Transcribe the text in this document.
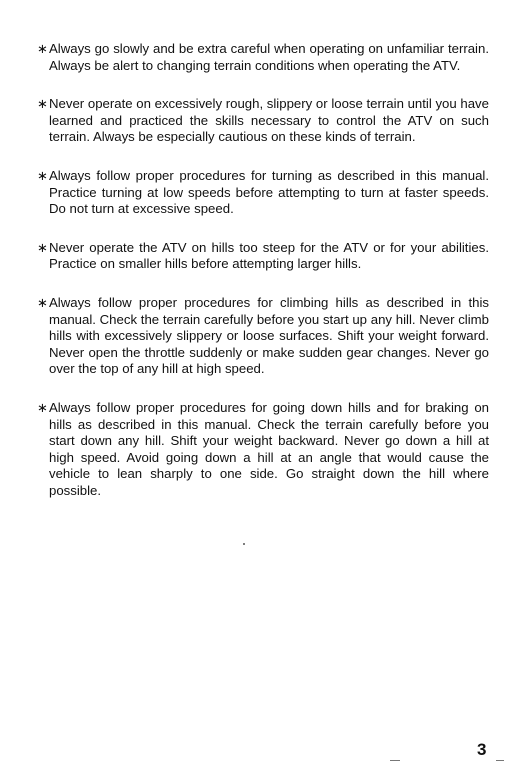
∗ Always go slowly and be extra careful when operating on unfamiliar terrain. Always be alert to changing terrain conditions when operating the ATV.
∗ Never operate on excessively rough, slippery or loose terrain until you have learned and practiced the skills necessary to control the ATV on such terrain. Always be especially cautious on these kinds of terrain.
∗ Always follow proper procedures for turning as described in this manual. Practice turning at low speeds before attempting to turn at faster speeds. Do not turn at excessive speed.
∗ Never operate the ATV on hills too steep for the ATV or for your abilities. Practice on smaller hills before attempting larger hills.
∗ Always follow proper procedures for climbing hills as described in this manual. Check the terrain carefully before you start up any hill. Never climb hills with excessively slippery or loose surfaces. Shift your weight forward. Never open the throttle suddenly or make sudden gear changes. Never go over the top of any hill at high speed.
∗ Always follow proper procedures for going down hills and for braking on hills as described in this manual. Check the terrain carefully before you start down any hill. Shift your weight backward. Never go down a hill at high speed. Avoid going down a hill at an angle that would cause the vehicle to lean sharply to one side. Go straight down the hill where possible.
3
